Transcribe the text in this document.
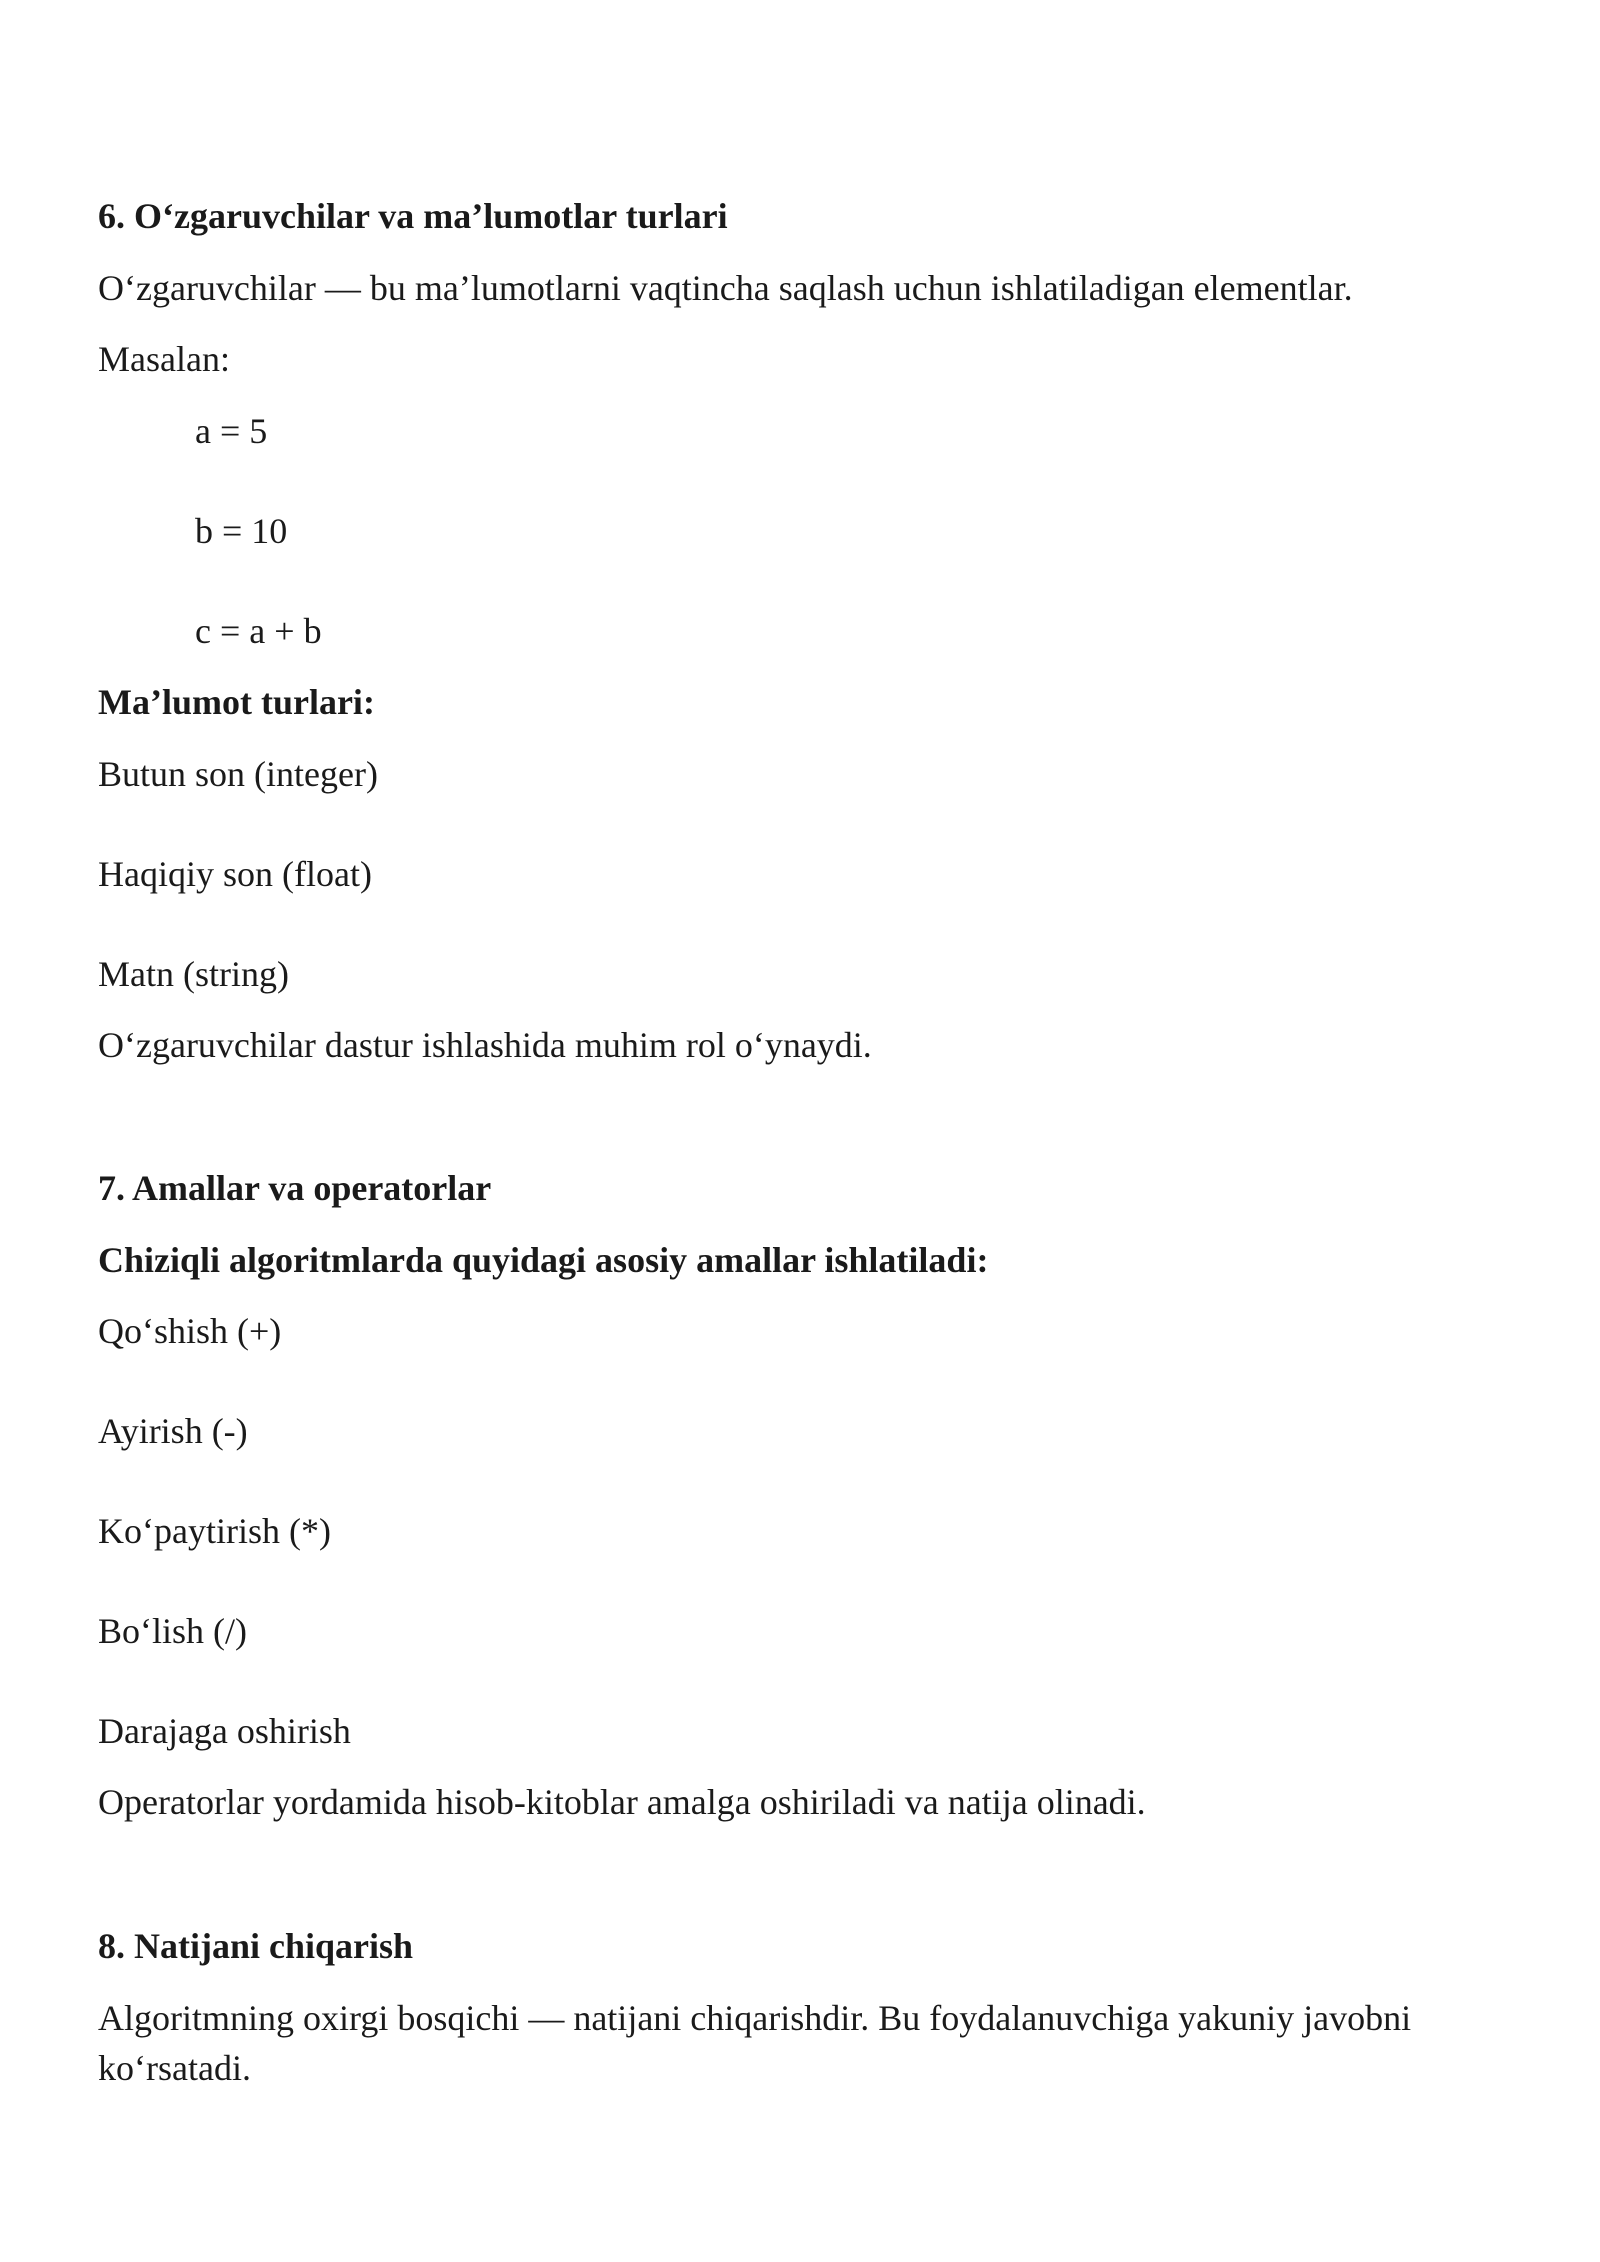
6. O‘zgaruvchilar va ma’lumotlar turlari

O‘zgaruvchilar — bu ma’lumotlarni vaqtincha saqlash uchun ishlatiladigan elementlar.

Masalan:

a = 5

b = 10

c = a + b

Ma’lumot turlari:

Butun son (integer)

Haqiqiy son (float)

Matn (string)

O‘zgaruvchilar dastur ishlashida muhim rol o‘ynaydi.

7. Amallar va operatorlar

Chiziqli algoritmlarda quyidagi asosiy amallar ishlatiladi:

Qo‘shish (+)

Ayirish (-)

Ko‘paytirish (*)

Bo‘lish (/)

Darajaga oshirish

Operatorlar yordamida hisob-kitoblar amalga oshiriladi va natija olinadi.

8. Natijani chiqarish

Algoritmning oxirgi bosqichi — natijani chiqarishdir. Bu foydalanuvchiga yakuniy javobni ko‘rsatadi.
